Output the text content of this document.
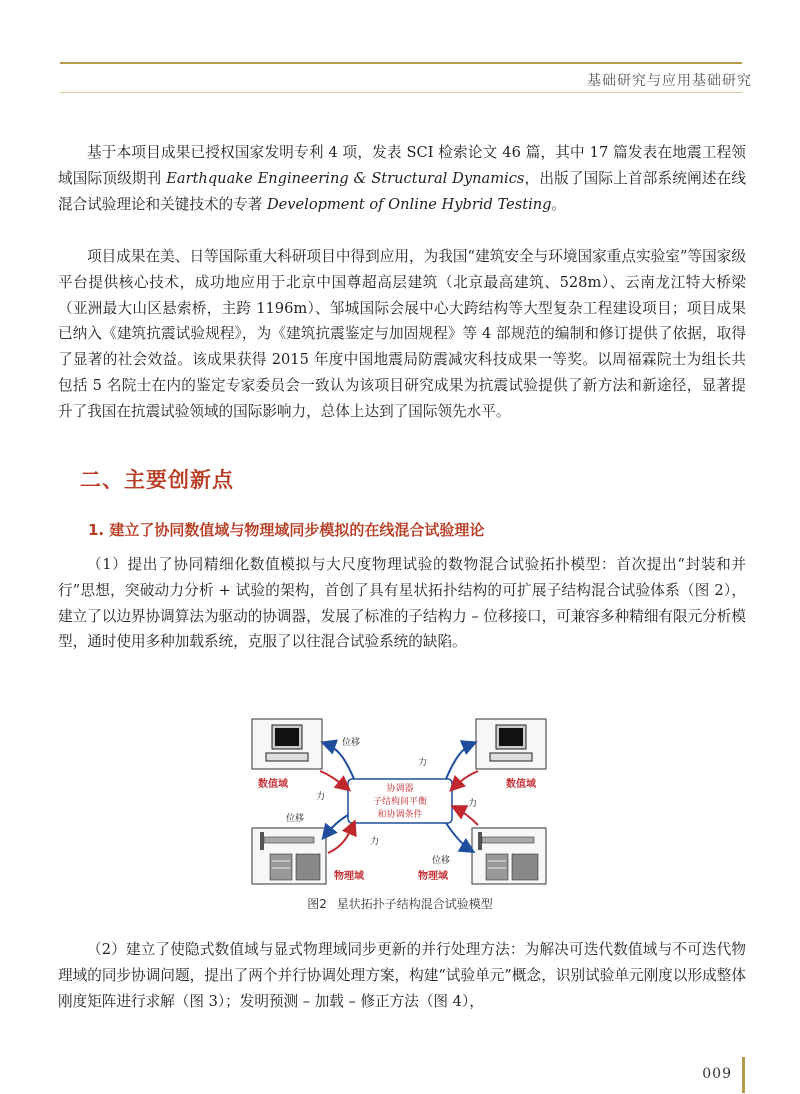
基础研究与应用基础研究

基于本项目成果已授权国家发明专利 4 项，发表 SCI 检索论文 46 篇，其中 17 篇发表在地震工程领域国际顶级期刊 Earthquake Engineering & Structural Dynamics，出版了国际上首部系统阐述在线混合试验理论和关键技术的专著 Development of Online Hybrid Testing。

项目成果在美、日等国际重大科研项目中得到应用，为我国“建筑安全与环境国家重点实验室”等国家级平台提供核心技术，成功地应用于北京中国尊超高层建筑（北京最高建筑、528m）、云南龙江特大桥梁（亚洲最大山区悬索桥，主跨 1196m）、邹城国际会展中心大跨结构等大型复杂工程建设项目；项目成果已纳入《建筑抗震试验规程》，为《建筑抗震鉴定与加固规程》等 4 部规范的编制和修订提供了依据，取得了显著的社会效益。该成果获得 2015 年度中国地震局防震减灾科技成果一等奖。以周福霖院士为组长共包括 5 名院士在内的鉴定专家委员会一致认为该项目研究成果为抗震试验提供了新方法和新途径，显著提升了我国在抗震试验领域的国际影响力，总体上达到了国际领先水平。

二、主要创新点
1. 建立了协同数值域与物理域同步模拟的在线混合试验理论

（1）提出了协同精细化数值模拟与大尺度物理试验的数物混合试验拓扑模型：首次提出“封装和并行”思想，突破动力分析 + 试验的架构，首创了具有星状拓扑结构的可扩展子结构混合试验体系（图 2），建立了以边界协调算法为驱动的协调器，发展了标准的子结构力 – 位移接口，可兼容多种精细有限元分析模型，通时使用多种加载系统，克服了以往混合试验系统的缺陷。

数值域	数值域
物理域	物理域
协调器
子结构间平衡
和协调条件
位移
力
力
位移
力
力
位移
图2 星状拓扑子结构混合试验模型

（2）建立了使隐式数值域与显式物理域同步更新的并行处理方法：为解决可迭代数值域与不可迭代物理域的同步协调问题，提出了两个并行协调处理方案，构建“试验单元”概念，识别试验单元刚度以形成整体刚度矩阵进行求解（图 3）；发明预测 – 加载 – 修正方法（图 4），

009
